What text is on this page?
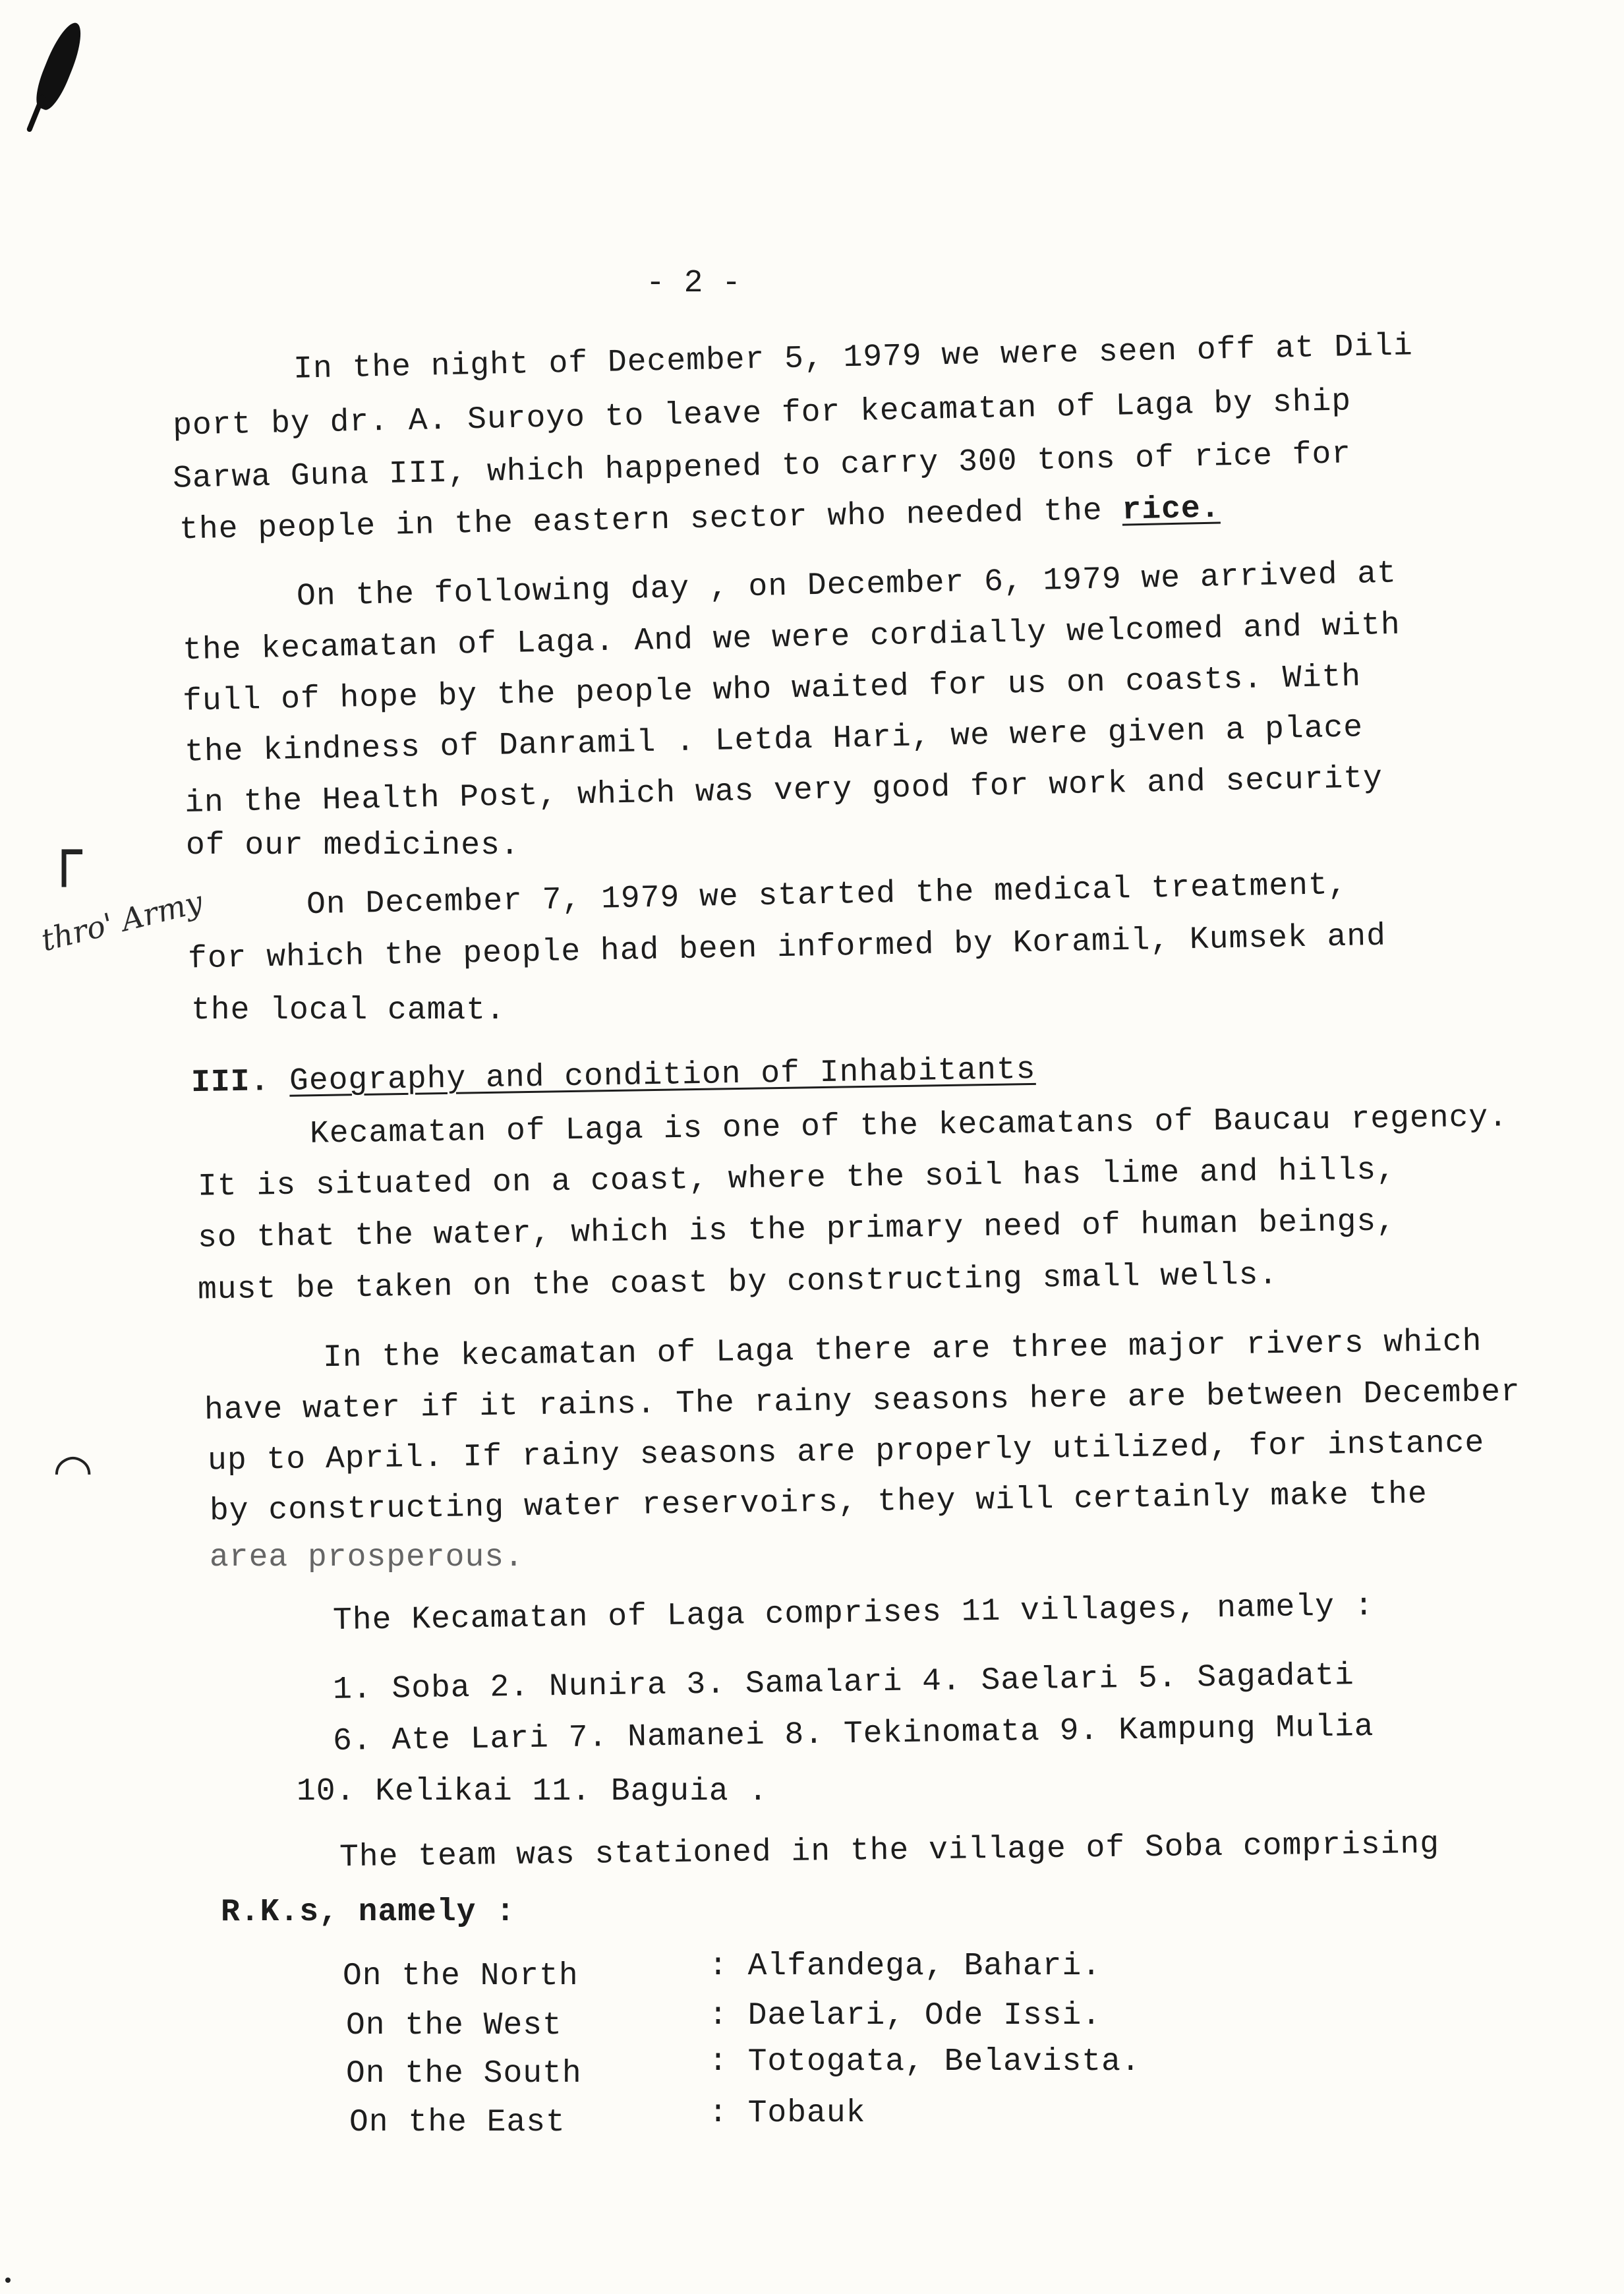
- 2 -
In the night of December 5, 1979 we were seen off at Dili
port by dr. A. Suroyo to leave for kecamatan of Laga by ship
Sarwa Guna III, which happened to carry 300 tons of rice for
the people in the eastern sector who needed the rice.
On the following day , on December 6, 1979 we arrived at
the kecamatan of Laga. And we were cordially welcomed and with
full of hope by the people who waited for us on coasts. With
the kindness of Danramil . Letda Hari, we were given a place
in the Health Post, which was very good for work and security
of our medicines.
┌
thro' Army	On December 7, 1979 we started the medical treatment,
for which the people had been informed by Koramil, Kumsek and
the local camat.
III. Geography and condition of Inhabitants
Kecamatan of Laga is one of the kecamatans of Baucau regency.
It is situated on a coast, where the soil has lime and hills,
so that the water, which is the primary need of human beings,
must be taken on the coast by constructing small wells.
In the kecamatan of Laga there are three major rivers which
have water if it rains. The rainy seasons here are between December
up to April. If rainy seasons are properly utilized, for instance
by constructing water reservoirs, they will certainly make the
area prosperous.
◠
The Kecamatan of Laga comprises 11 villages, namely :
1. Soba 2. Nunira 3. Samalari 4. Saelari 5. Sagadati
6. Ate Lari 7. Namanei 8. Tekinomata 9. Kampung Mulia
10. Kelikai 11. Baguia .
The team was stationed in the village of Soba comprising
R.K.s, namely :
On the North	: Alfandega, Bahari.
On the West	: Daelari, Ode Issi.
On the South	: Totogata, Belavista.
On the East	: Tobauk
